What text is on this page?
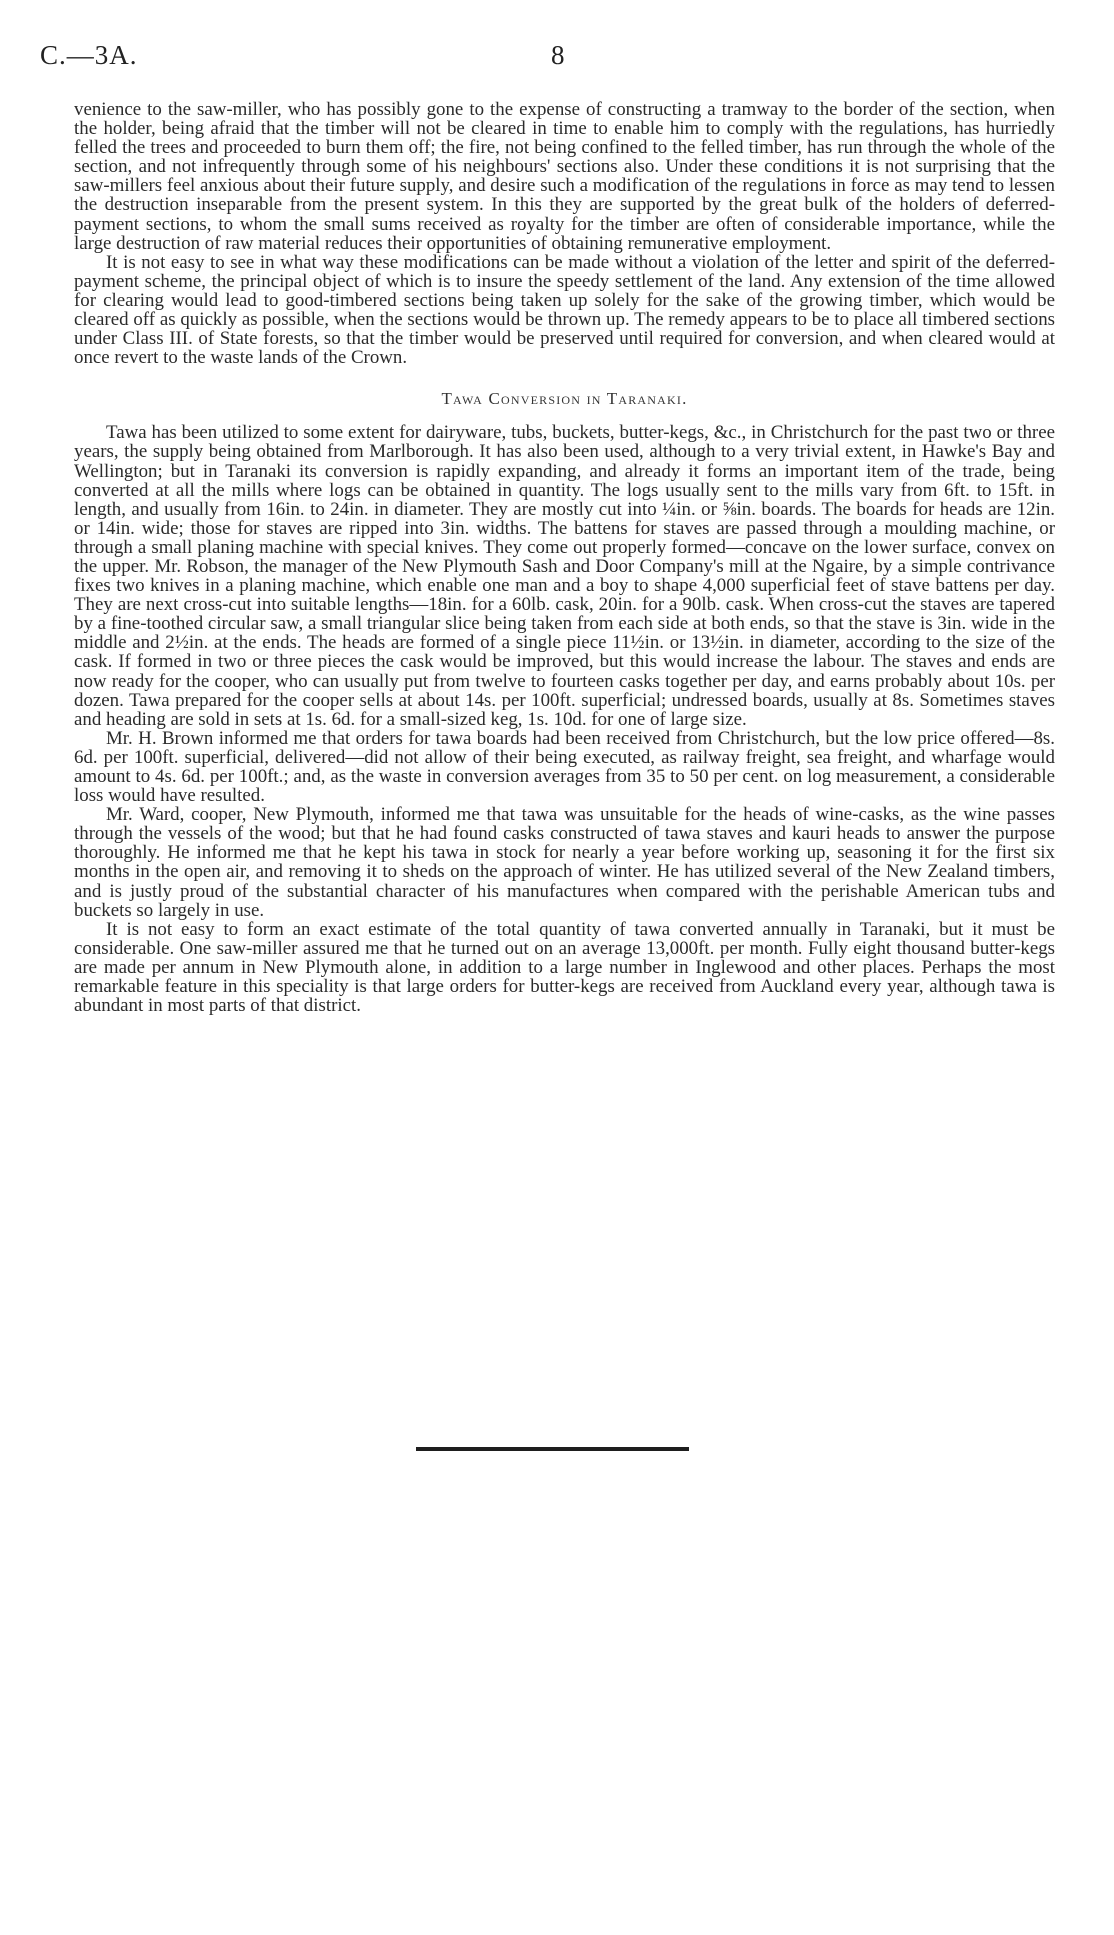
C.—3A.	8

venience to the saw-miller, who has possibly gone to the expense of constructing a tramway to the border of the section, when the holder, being afraid that the timber will not be cleared in time to enable him to comply with the regulations, has hurriedly felled the trees and proceeded to burn them off; the fire, not being confined to the felled timber, has run through the whole of the section, and not infrequently through some of his neighbours' sections also. Under these conditions it is not surprising that the saw-millers feel anxious about their future supply, and desire such a modification of the regulations in force as may tend to lessen the destruction inseparable from the present system. In this they are supported by the great bulk of the holders of deferred-payment sections, to whom the small sums received as royalty for the timber are often of considerable importance, while the large destruction of raw material reduces their opportunities of obtaining remunerative employment.

It is not easy to see in what way these modifications can be made without a violation of the letter and spirit of the deferred-payment scheme, the principal object of which is to insure the speedy settlement of the land. Any extension of the time allowed for clearing would lead to good-timbered sections being taken up solely for the sake of the growing timber, which would be cleared off as quickly as possible, when the sections would be thrown up. The remedy appears to be to place all timbered sections under Class III. of State forests, so that the timber would be preserved until required for conversion, and when cleared would at once revert to the waste lands of the Crown.

Tawa Conversion in Taranaki.

Tawa has been utilized to some extent for dairyware, tubs, buckets, butter-kegs, &c., in Christchurch for the past two or three years, the supply being obtained from Marlborough. It has also been used, although to a very trivial extent, in Hawke's Bay and Wellington; but in Taranaki its conversion is rapidly expanding, and already it forms an important item of the trade, being converted at all the mills where logs can be obtained in quantity. The logs usually sent to the mills vary from 6ft. to 15ft. in length, and usually from 16in. to 24in. in diameter. They are mostly cut into ¼in. or ⅝in. boards. The boards for heads are 12in. or 14in. wide; those for staves are ripped into 3in. widths. The battens for staves are passed through a moulding machine, or through a small planing machine with special knives. They come out properly formed—concave on the lower surface, convex on the upper. Mr. Robson, the manager of the New Plymouth Sash and Door Company's mill at the Ngaire, by a simple contrivance fixes two knives in a planing machine, which enable one man and a boy to shape 4,000 superficial feet of stave battens per day. They are next cross-cut into suitable lengths—18in. for a 60lb. cask, 20in. for a 90lb. cask. When cross-cut the staves are tapered by a fine-toothed circular saw, a small triangular slice being taken from each side at both ends, so that the stave is 3in. wide in the middle and 2½in. at the ends. The heads are formed of a single piece 11½in. or 13½in. in diameter, according to the size of the cask. If formed in two or three pieces the cask would be improved, but this would increase the labour. The staves and ends are now ready for the cooper, who can usually put from twelve to fourteen casks together per day, and earns probably about 10s. per dozen. Tawa prepared for the cooper sells at about 14s. per 100ft. superficial; undressed boards, usually at 8s. Sometimes staves and heading are sold in sets at 1s. 6d. for a small-sized keg, 1s. 10d. for one of large size.

Mr. H. Brown informed me that orders for tawa boards had been received from Christchurch, but the low price offered—8s. 6d. per 100ft. superficial, delivered—did not allow of their being executed, as railway freight, sea freight, and wharfage would amount to 4s. 6d. per 100ft.; and, as the waste in conversion averages from 35 to 50 per cent. on log measurement, a considerable loss would have resulted.

Mr. Ward, cooper, New Plymouth, informed me that tawa was unsuitable for the heads of wine-casks, as the wine passes through the vessels of the wood; but that he had found casks constructed of tawa staves and kauri heads to answer the purpose thoroughly. He informed me that he kept his tawa in stock for nearly a year before working up, seasoning it for the first six months in the open air, and removing it to sheds on the approach of winter. He has utilized several of the New Zealand timbers, and is justly proud of the substantial character of his manufactures when compared with the perishable American tubs and buckets so largely in use.

It is not easy to form an exact estimate of the total quantity of tawa converted annually in Taranaki, but it must be considerable. One saw-miller assured me that he turned out on an average 13,000ft. per month. Fully eight thousand butter-kegs are made per annum in New Plymouth alone, in addition to a large number in Inglewood and other places. Perhaps the most remarkable feature in this speciality is that large orders for butter-kegs are received from Auckland every year, although tawa is abundant in most parts of that district.
